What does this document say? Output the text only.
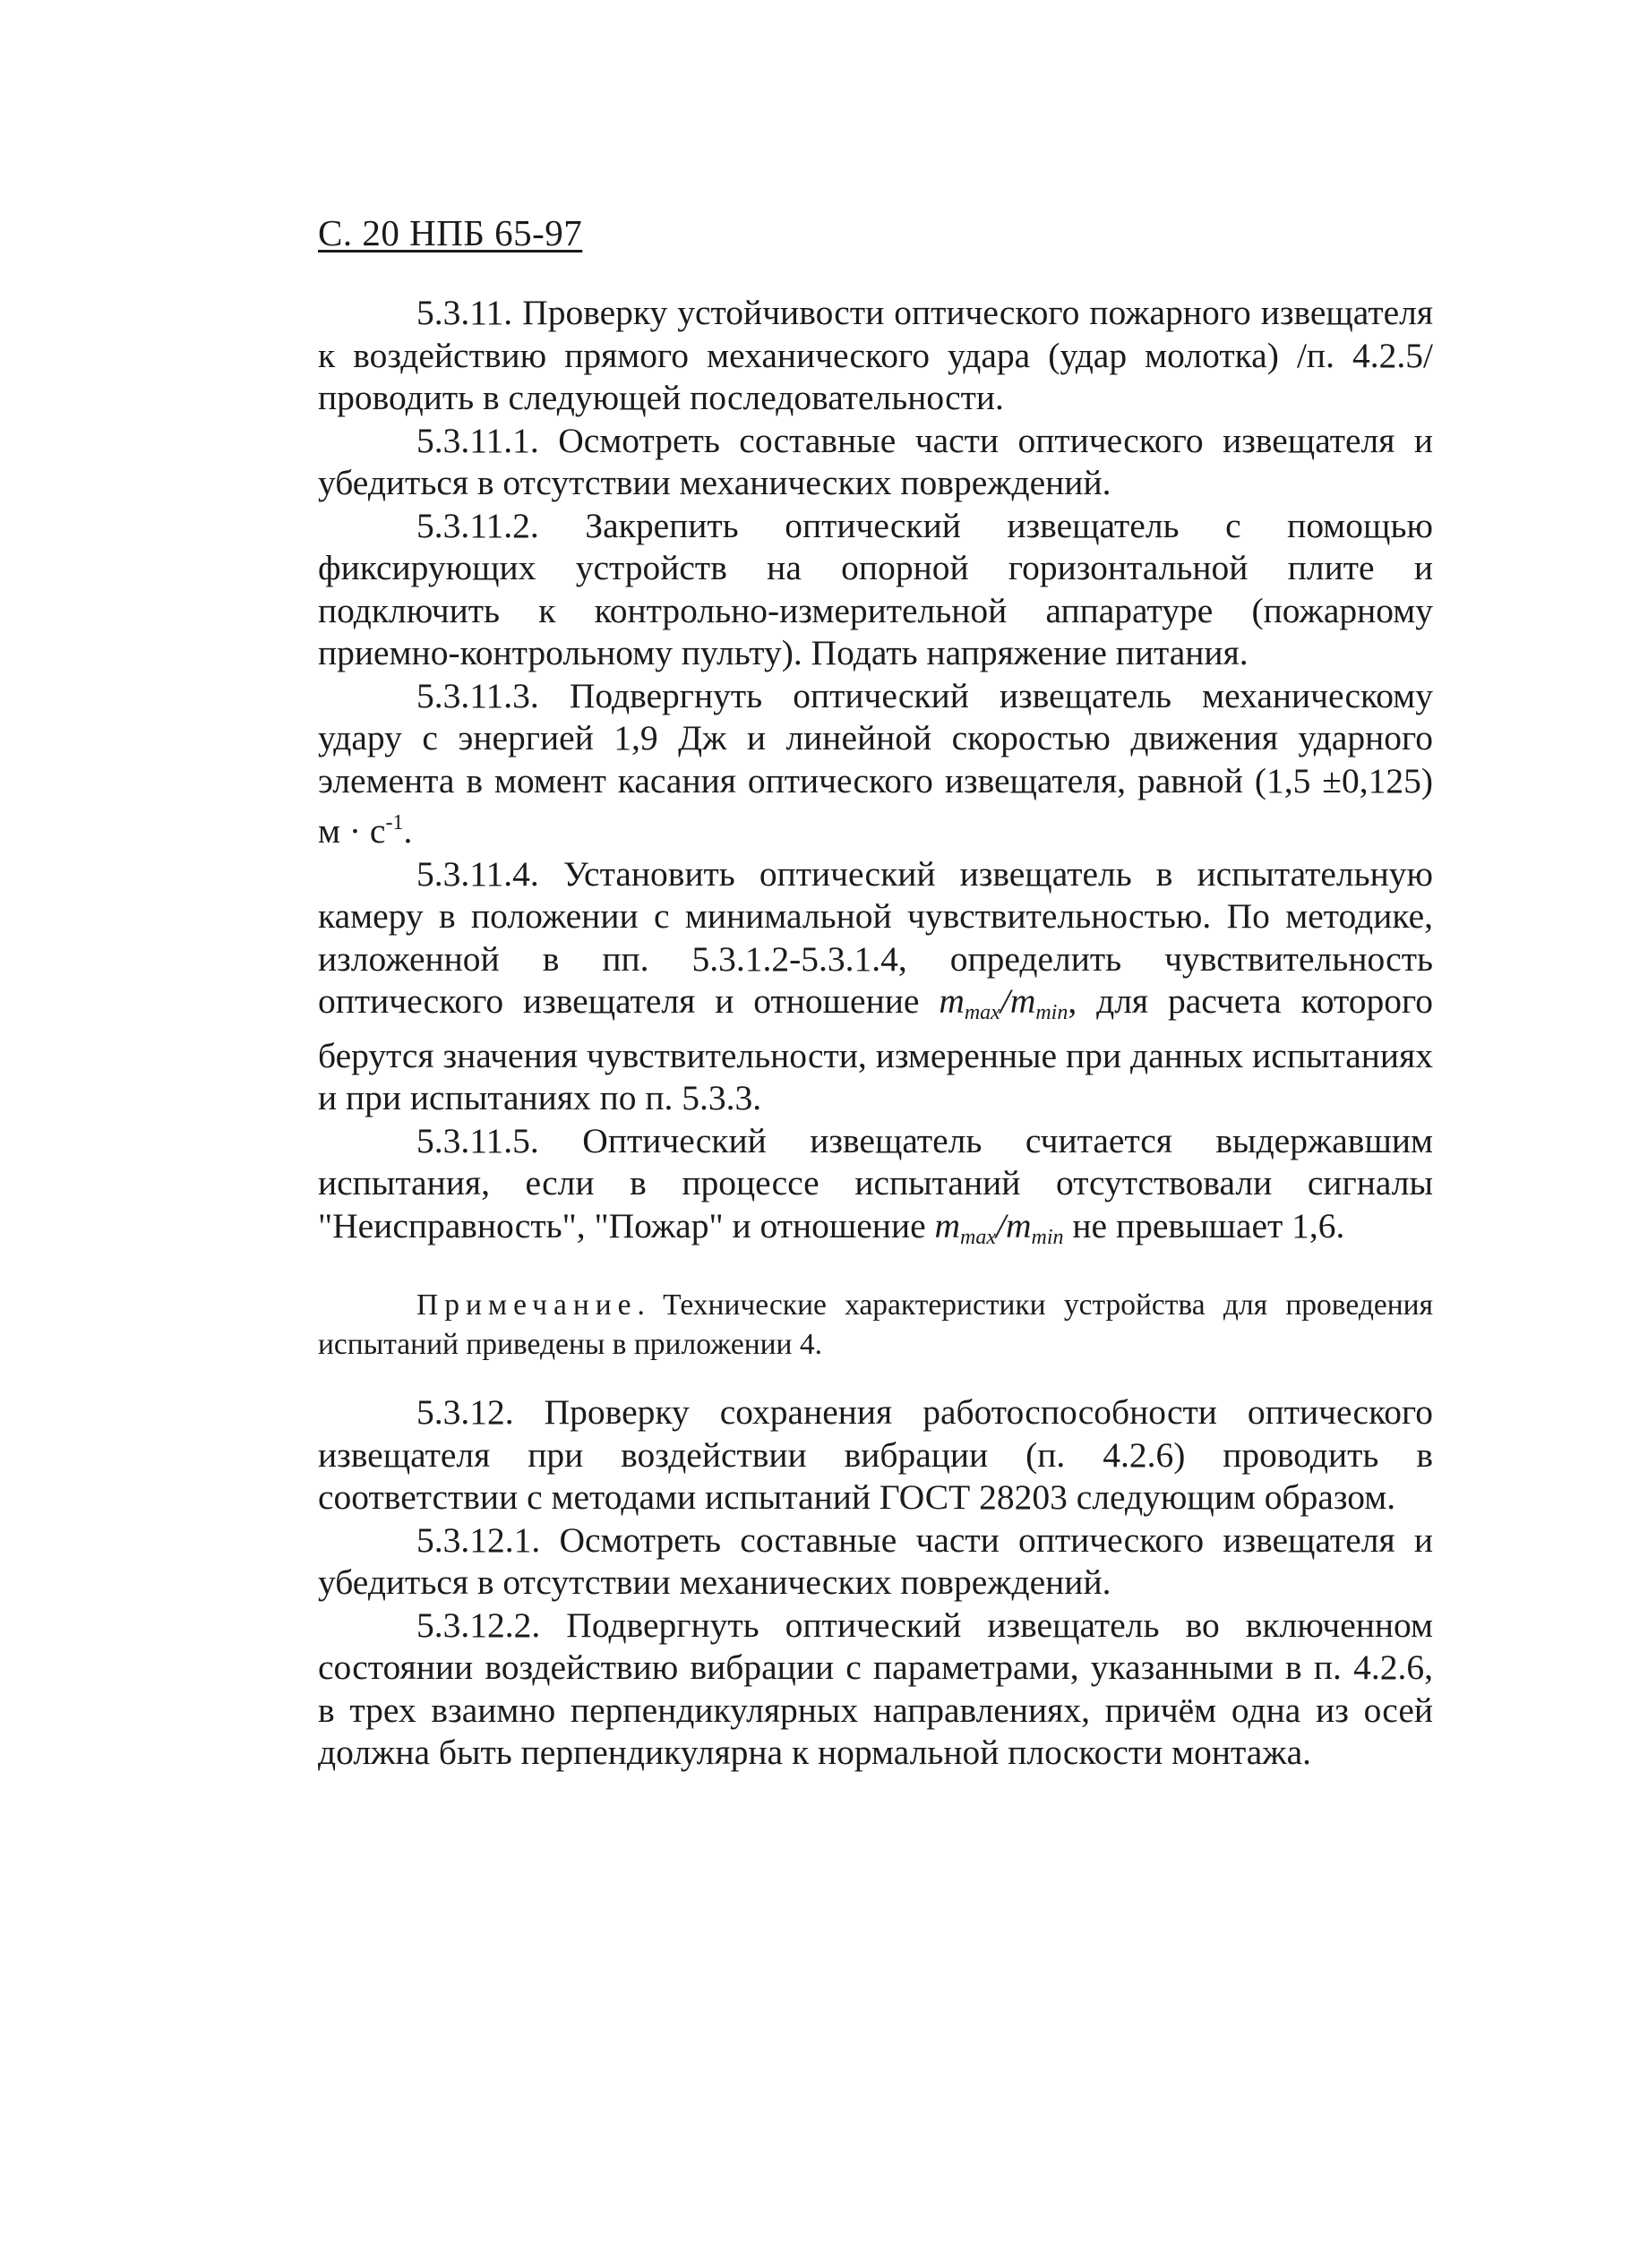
С. 20 НПБ 65-97

5.3.11. Проверку устойчивости оптического пожарного извещателя к воздействию прямого механического удара (удар молотка) /п. 4.2.5/ проводить в следующей последовательности.

5.3.11.1. Осмотреть составные части оптического извещателя и убедиться в отсутствии механических повреждений.

5.3.11.2. Закрепить оптический извещатель с помощью фиксирующих устройств на опорной горизонтальной плите и подключить к контрольно-измерительной аппаратуре (пожарному приемно-контрольному пульту). Подать напряжение питания.

5.3.11.3. Подвергнуть оптический извещатель механическому удару с энергией 1,9 Дж и линейной скоростью движения ударного элемента в момент касания оптического извещателя, равной (1,5 ±0,125) $м \cdot с^{-1}$.

5.3.11.4. Установить оптический извещатель в испытательную камеру в положении с минимальной чувствительностью. По методике, изложенной в пп. 5.3.1.2-5.3.1.4, определить чувствительность оптического извещателя и отношение $m_{max}/m_{min}$, для расчета которого берутся значения чувствительности, измеренные при данных испытаниях и при испытаниях по п. 5.3.3.

5.3.11.5. Оптический извещатель считается выдержавшим испытания, если в процессе испытаний отсутствовали сигналы "Неисправность", "Пожар" и отношение $m_{max}/m_{min}$ не превышает 1,6.

Примечание. Технические характеристики устройства для проведения испытаний приведены в приложении 4.

5.3.12. Проверку сохранения работоспособности оптического извещателя при воздействии вибрации (п. 4.2.6) проводить в соответствии с методами испытаний ГОСТ 28203 следующим образом.

5.3.12.1. Осмотреть составные части оптического извещателя и убедиться в отсутствии механических повреждений.

5.3.12.2. Подвергнуть оптический извещатель во включенном состоянии воздействию вибрации с параметрами, указанными в п. 4.2.6, в трех взаимно перпендикулярных направлениях, причём одна из осей должна быть перпендикулярна к нормальной плоскости монтажа.
